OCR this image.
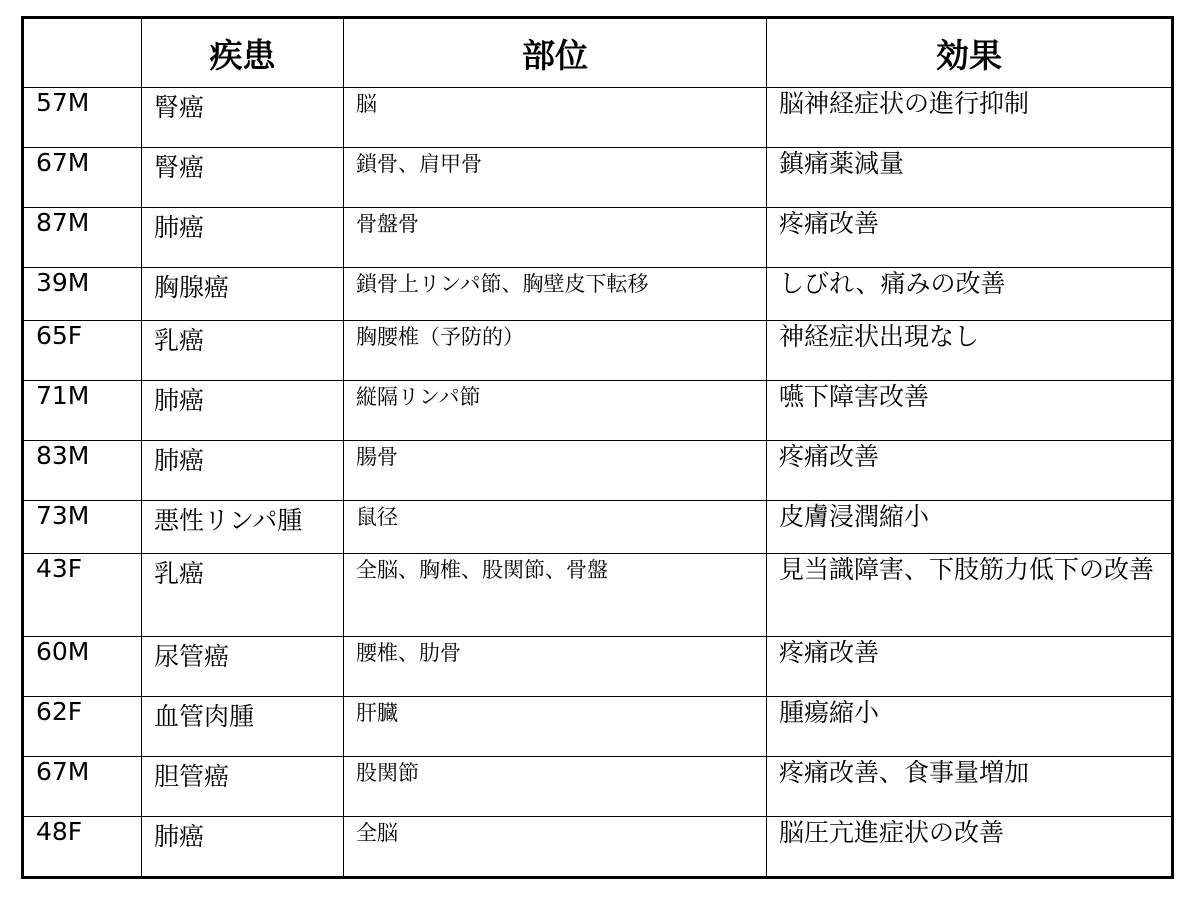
	疾患	部位	効果
57M	腎癌	脳	脳神経症状の進行抑制
67M	腎癌	鎖骨、肩甲骨	鎮痛薬減量
87M	肺癌	骨盤骨	疼痛改善
39M	胸腺癌	鎖骨上リンパ節、胸壁皮下転移	しびれ、痛みの改善
65F	乳癌	胸腰椎（予防的）	神経症状出現なし
71M	肺癌	縦隔リンパ節	嚥下障害改善
83M	肺癌	腸骨	疼痛改善
73M	悪性リンパ腫	鼠径	皮膚浸潤縮小
43F	乳癌	全脳、胸椎、股関節、骨盤	見当識障害、下肢筋力低下の改善
60M	尿管癌	腰椎、肋骨	疼痛改善
62F	血管肉腫	肝臓	腫瘍縮小
67M	胆管癌	股関節	疼痛改善、食事量増加
48F	肺癌	全脳	脳圧亢進症状の改善
